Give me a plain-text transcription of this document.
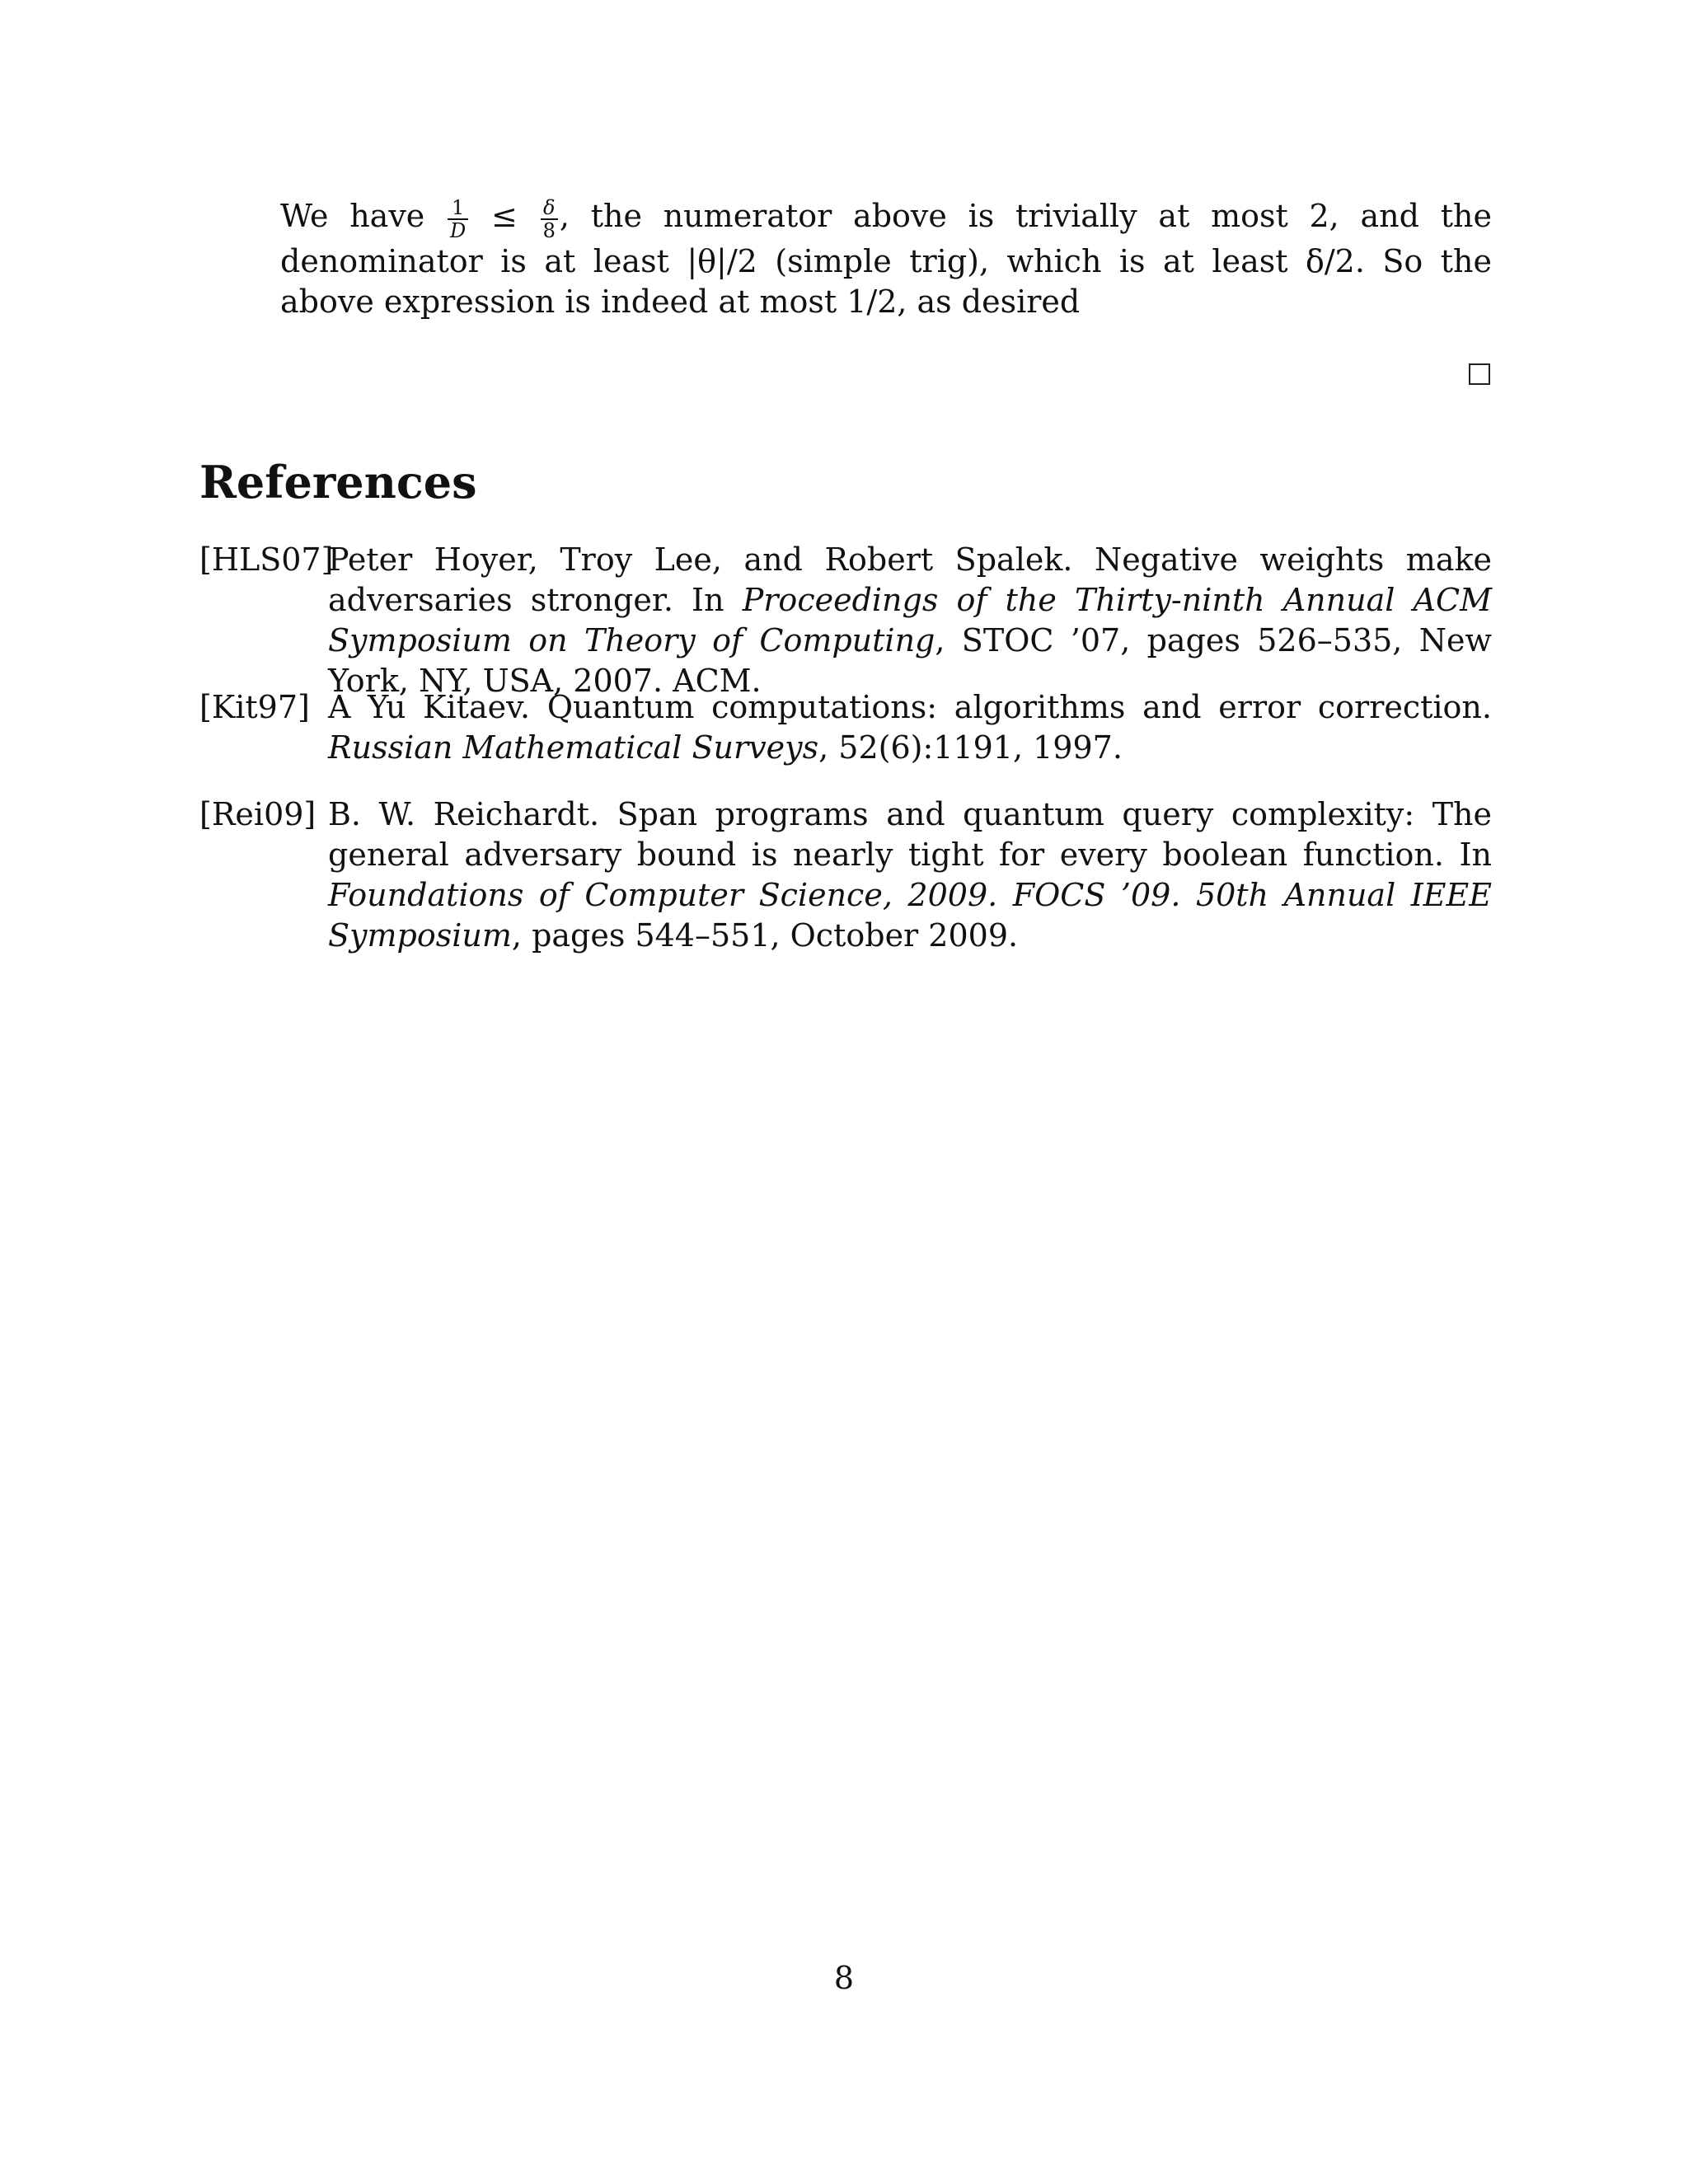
We have $\frac{1}{D} \le \frac{\delta}{8}$ , the numerator above is trivially at most 2, and the denominator is at least |θ|/2 (simple trig), which is at least δ/2. So the above expression is indeed at most 1/2, as desired

References
[HLS07]
Peter Hoyer, Troy Lee, and Robert Spalek. Negative weights make adversaries stronger. In Proceedings of the Thirty-ninth Annual ACM Symposium on Theory of Computing, STOC ’07, pages 526–535, New York, NY, USA, 2007. ACM.
[Kit97] A Yu Kitaev. Quantum computations: algorithms and error correction. Russian Mathematical Surveys, 52(6):1191, 1997.
[Rei09] B. W. Reichardt. Span programs and quantum query complexity: The general adversary bound is nearly tight for every boolean function. In Foundations of Computer Science, 2009. FOCS ’09. 50th Annual IEEE Symposium, pages 544–551, October 2009.
8
